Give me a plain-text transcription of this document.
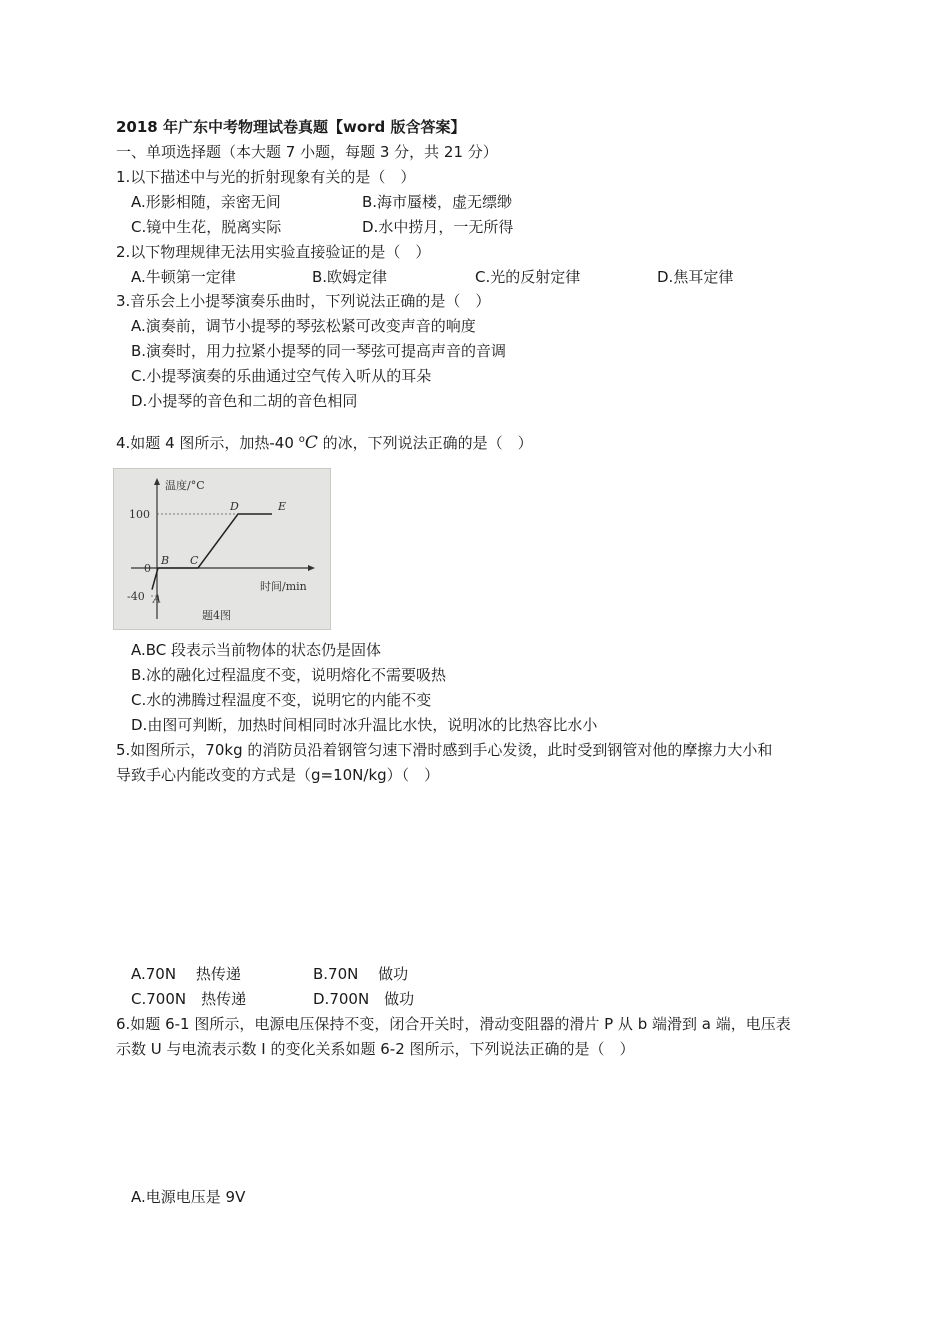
2018 年广东中考物理试卷真题【word 版含答案】
一、单项选择题（本大题 7 小题，每题 3 分，共 21 分）
1.以下描述中与光的折射现象有关的是（　）
A.形影相随，亲密无间	B.海市蜃楼，虚无缥缈
C.镜中生花，脱离实际	D.水中捞月，一无所得
2.以下物理规律无法用实验直接验证的是（　）
A.牛顿第一定律	B.欧姆定律	C.光的反射定律	D.焦耳定律
3.音乐会上小提琴演奏乐曲时，下列说法正确的是（　）
A.演奏前，调节小提琴的琴弦松紧可改变声音的响度
B.演奏时，用力拉紧小提琴的同一琴弦可提高声音的音调
C.小提琴演奏的乐曲通过空气传入听从的耳朵
D.小提琴的音色和二胡的音色相同
4.如题 4 图所示，加热-40 $^o$C 的冰，下列说法正确的是（　）
A
B C
D	E
100
0
-40
温度/°C
时间/min
题4图
A.BC 段表示当前物体的状态仍是固体
B.冰的融化过程温度不变，说明熔化不需要吸热
C.水的沸腾过程温度不变，说明它的内能不变
D.由图可判断，加热时间相同时冰升温比水快，说明冰的比热容比水小
5.如图所示，70kg 的消防员沿着钢管匀速下滑时感到手心发烫，此时受到钢管对他的摩擦力大小和
导致手心内能改变的方式是（g=10N/kg）（　）
A.70N　 热传递	B.70N　 做功
C.700N　热传递	D.700N　做功
6.如题 6-1 图所示，电源电压保持不变，闭合开关时，滑动变阻器的滑片 P 从 b 端滑到 a 端，电压表
示数 U 与电流表示数 I 的变化关系如题 6-2 图所示，下列说法正确的是（　）
A.电源电压是 9V
